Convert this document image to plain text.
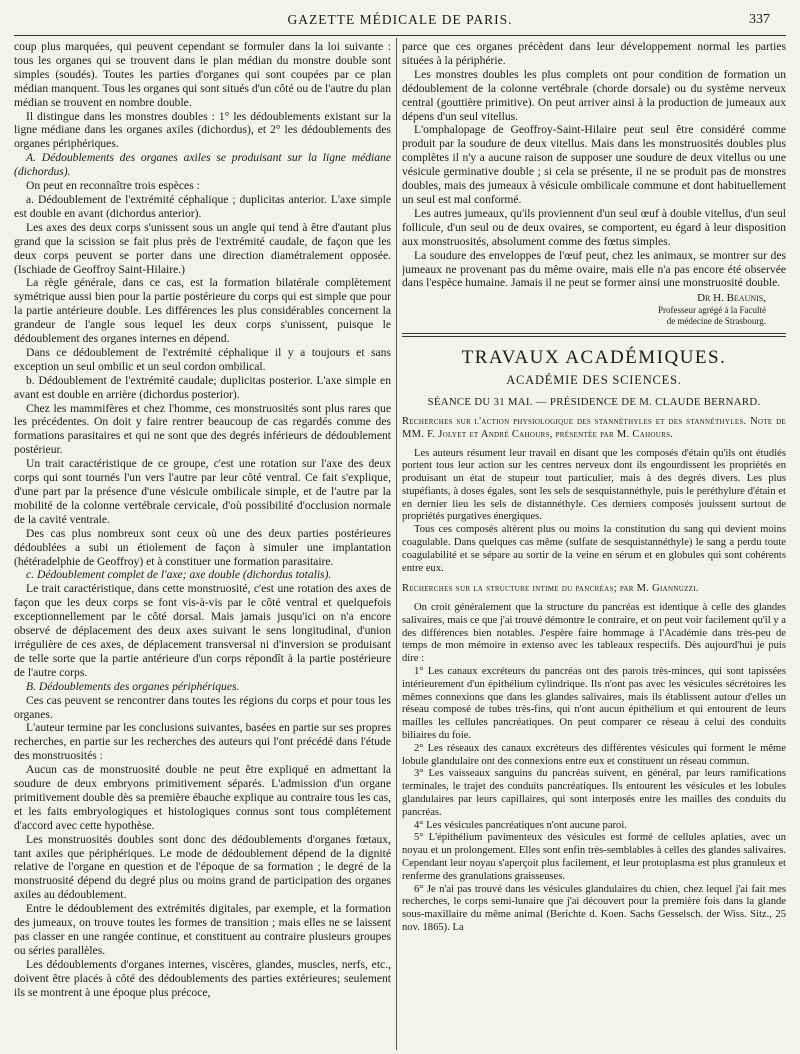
GAZETTE MÉDICALE DE PARIS.	337

coup plus marquées, qui peuvent cependant se formuler dans la loi suivante : tous les organes qui se trouvent dans le plan médian du monstre double sont simples (soudés). Toutes les parties d'organes qui sont coupées par ce plan médian manquent. Tous les organes qui sont situés d'un côté ou de l'autre du plan médian se trouvent en nombre double.

Il distingue dans les monstres doubles : 1° les dédoublements existant sur la ligne médiane dans les organes axiles (dichordus), et 2° les dédoublements des organes périphériques.

A. Dédoublements des organes axiles se produisant sur la ligne médiane (dichordus).

On peut en reconnaître trois espèces :

a. Dédoublement de l'extrémité céphalique ; duplicitas anterior. L'axe simple est double en avant (dichordus anterior).

Les axes des deux corps s'unissent sous un angle qui tend à être d'autant plus grand que la scission se fait plus près de l'extrémité caudale, de façon que les deux corps peuvent se porter dans une direction diamétralement opposée. (Ischiade de Geoffroy Saint-Hilaire.)

La règle générale, dans ce cas, est la formation bilatérale complètement symétrique aussi bien pour la partie postérieure du corps qui est simple que pour la partie antérieure double. Les différences les plus considérables concernent la grandeur de l'angle sous lequel les deux corps s'unissent, puisque le dédoublement des organes internes en dépend.

Dans ce dédoublement de l'extrémité céphalique il y a toujours et sans exception un seul ombilic et un seul cordon ombilical.

b. Dédoublement de l'extrémité caudale; duplicitas posterior. L'axe simple en avant est double en arrière (dichordus posterior).

Chez les mammifères et chez l'homme, ces monstruosités sont plus rares que les précédentes. On doit y faire rentrer beaucoup de cas regardés comme des formations parasitaires et qui ne sont que des degrés inférieurs de dédoublement postérieur.

Un trait caractéristique de ce groupe, c'est une rotation sur l'axe des deux corps qui sont tournés l'un vers l'autre par leur côté ventral. Ce fait s'explique, d'une part par la présence d'une vésicule ombilicale simple, et de l'autre par la mobilité de la colonne vertébrale cervicale, d'où possibilité d'occlusion normale de la cavité ventrale.

Des cas plus nombreux sont ceux où une des deux parties postérieures dédoublées a subi un étiolement de façon à simuler une implantation (hétéradelphie de Geoffroy) et à constituer une formation parasitaire.

c. Dédoublement complet de l'axe; axe double (dichordus totalis).

Le trait caractéristique, dans cette monstruosité, c'est une rotation des axes de façon que les deux corps se font vis-à-vis par le côté ventral et quelquefois exceptionnellement par le côté dorsal. Mais jamais jusqu'ici on n'a encore observé de déplacement des deux axes suivant le sens longitudinal, d'union irrégulière de ces axes, de déplacement transversal ni d'inversion se produisant de telle sorte que la partie antérieure d'un corps répondît à la partie postérieure de l'autre corps.

B. Dédoublements des organes périphériques.

Ces cas peuvent se rencontrer dans toutes les régions du corps et pour tous les organes.

L'auteur termine par les conclusions suivantes, basées en partie sur ses propres recherches, en partie sur les recherches des auteurs qui l'ont précédé dans l'étude des monstruosités :

Aucun cas de monstruosité double ne peut être expliqué en admettant la soudure de deux embryons primitivement séparés. L'admission d'un organe primitivement double dès sa première ébauche explique au contraire tous les cas, et les faits embryologiques et histologiques connus sont tous complétement d'accord avec cette hypothèse.

Les monstruosités doubles sont donc des dédoublements d'organes fœtaux, tant axiles que périphériques. Le mode de dédoublement dépend de la dignité relative de l'organe en question et de l'époque de sa formation ; le degré de la monstruosité dépend du degré plus ou moins grand de participation des organes axiles au dédoublement.

Entre le dédoublement des extrémités digitales, par exemple, et la formation des jumeaux, on trouve toutes les formes de transition ; mais elles ne se laissent pas classer en une rangée continue, et constituent au contraire plusieurs groupes ou séries parallèles.

Les dédoublements d'organes internes, viscères, glandes, muscles, nerfs, etc., doivent être placés à côté des dédoublements des parties extérieures; seulement ils se montrent à une époque plus précoce,

parce que ces organes précèdent dans leur développement normal les parties situées à la périphérie.

Les monstres doubles les plus complets ont pour condition de formation un dédoublement de la colonne vertébrale (chorde dorsale) ou du système nerveux central (gouttière primitive). On peut arriver ainsi à la production de jumeaux aux dépens d'un seul vitellus.

L'omphalopage de Geoffroy-Saint-Hilaire peut seul être considéré comme produit par la soudure de deux vitellus. Mais dans les monstruosités doubles plus complètes il n'y a aucune raison de supposer une soudure de deux vitellus ou une vésicule germinative double ; si cela se présente, il ne se produit pas de monstres doubles, mais des jumeaux à vésicule ombilicale commune et dont habituellement un seul est mal conformé.

Les autres jumeaux, qu'ils proviennent d'un seul œuf à double vitellus, d'un seul follicule, d'un seul ou de deux ovaires, se comportent, eu égard à leur disposition aux monstruosités, absolument comme des fœtus simples.

La soudure des enveloppes de l'œuf peut, chez les animaux, se montrer sur des jumeaux ne provenant pas du même ovaire, mais elle n'a pas encore été observée dans l'espèce humaine. Jamais il ne peut se former ainsi une monstruosité double.

Dr H. Beaunis,
Professeur agrégé à la Faculté
de médecine de Strasbourg.
TRAVAUX ACADÉMIQUES.
ACADÉMIE DES SCIENCES.
SÉANCE DU 31 MAI. — PRÉSIDENCE DE M. CLAUDE BERNARD.
Recherches sur l'action physiologique des stannéthyles et des stannéthyles. Note de MM. F. Jolyet et André Cahours, présentée par M. Cahours.

Les auteurs résument leur travail en disant que les composés d'étain qu'ils ont étudiés portent tous leur action sur les centres nerveux dont ils engourdissent les propriétés en produisant un état de stupeur tout particulier, mais à des degrés divers. Les plus stupéfiants, à doses égales, sont les sels de sesquistannéthyle, puis le peréthylure d'étain et en dernier lieu les sels de distannéthyle. Ces derniers composés jouissent surtout de propriétés purgatives énergiques.

Tous ces composés altèrent plus ou moins la constitution du sang qui devient moins coagulable. Dans quelques cas même (sulfate de sesquistannéthyle) le sang a perdu toute coagulabilité et se sépare au sortir de la veine en sérum et en globules qui sont cohérents entre eux.

Recherches sur la structure intime du pancréas; par M. Giannuzzi.

On croit généralement que la structure du pancréas est identique à celle des glandes salivaires, mais ce que j'ai trouvé démontre le contraire, et on peut voir facilement qu'il y a des différences bien notables. J'espère faire hommage à l'Académie dans très-peu de temps de mon mémoire in extenso avec les tableaux respectifs. Dès aujourd'hui je puis dire :

1° Les canaux excréteurs du pancréas ont des parois très-minces, qui sont tapissées intérieurement d'un épithélium cylindrique. Ils n'ont pas avec les vésicules sécrétoires les mêmes connexions que dans les glandes salivaires, mais ils établissent autour d'elles un réseau composé de tubes très-fins, qui n'ont aucun épithélium et qui entourent de leurs mailles les cellules pancréatiques. On peut comparer ce réseau à celui des conduits biliaires du foie.

2° Les réseaux des canaux excréteurs des différentes vésicules qui forment le même lobule glandulaire ont des connexions entre eux et constituent un réseau commun.

3° Les vaisseaux sanguins du pancréas suivent, en général, par leurs ramifications terminales, le trajet des conduits pancréatiques. Ils entourent les vésicules et les lobules glandulaires par leurs capillaires, qui sont interposés entre les mailles des conduits du pancréas.

4° Les vésicules pancréatiques n'ont aucune paroi.

5° L'épithélium pavimenteux des vésicules est formé de cellules aplaties, avec un noyau et un prolongement. Elles sont enfin très-semblables à celles des glandes salivaires. Cependant leur noyau s'aperçoit plus facilement, et leur protoplasma est plus granuleux et renferme des granulations graisseuses.

6° Je n'ai pas trouvé dans les vésicules glandulaires du chien, chez lequel j'ai fait mes recherches, le corps semi-lunaire que j'ai découvert pour la première fois dans la glande sous-maxillaire du même animal (Berichte d. Koen. Sachs Gesselsch. der Wiss. Sitz., 25 nov. 1865). La
